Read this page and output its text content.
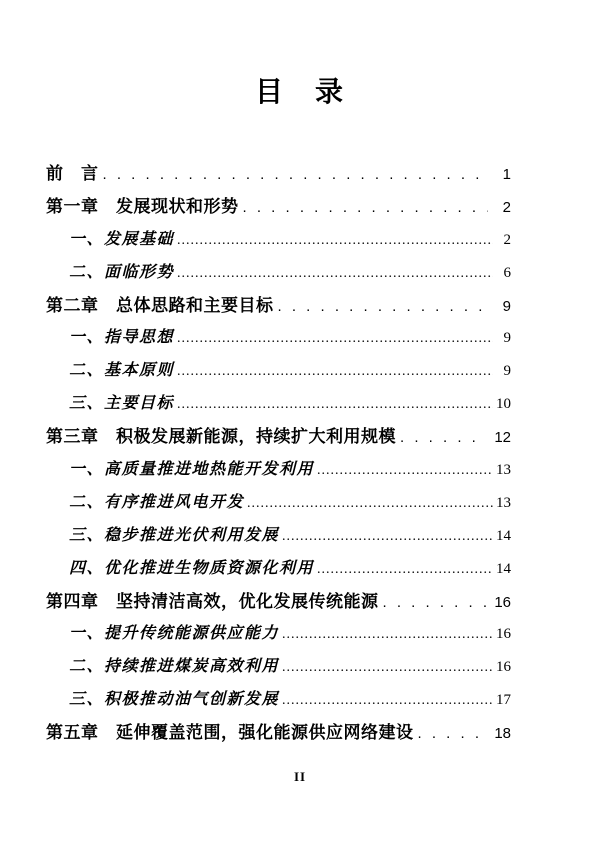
目　录
前　言 . . .	1
第一章　发展现状和形势 . . .	2
一、发展基础 .....	2
二、面临形势 .....	6
第二章　总体思路和主要目标 . . .	9
一、指导思想 .....	9
二、基本原则 .....	9
三、主要目标 .....	10
第三章　积极发展新能源，持续扩大利用规模 . . .	12
一、高质量推进地热能开发利用 .....	13
二、有序推进风电开发 .....	13
三、稳步推进光伏利用发展 .....	14
四、优化推进生物质资源化利用 .....	14
第四章　坚持清洁高效，优化发展传统能源 . . .	16
一、提升传统能源供应能力 .....	16
二、持续推进煤炭高效利用 .....	16
三、积极推动油气创新发展 .....	17
第五章　延伸覆盖范围，强化能源供应网络建设 . . .	18
II
